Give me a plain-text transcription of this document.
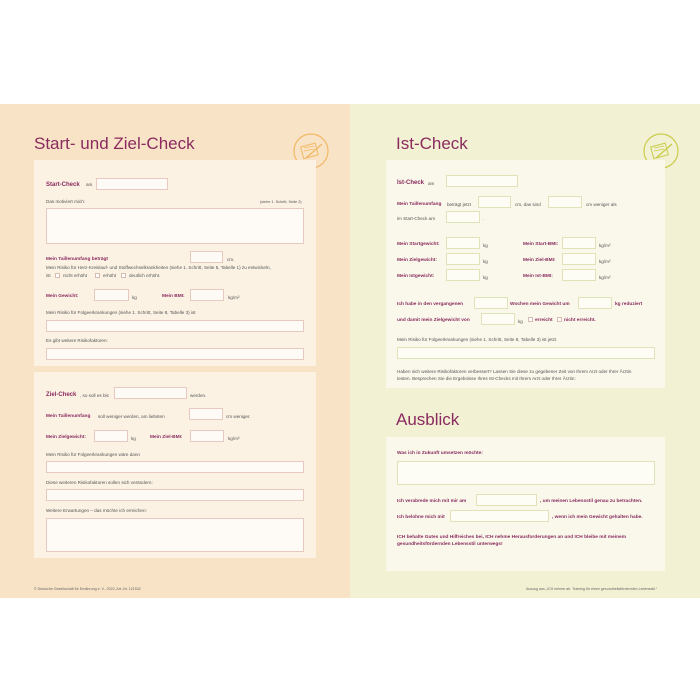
Start- und Ziel-Check
Start-Check am
Das motiviert mich:	(siehe 1. Schritt, Seite 2)
Mein Taillenumfang beträgt	cm.
Mein Risiko für Herz-Kreislauf- und Stoffwechselkrankheiten (siehe 1. Schritt, Seite 5, Tabelle 1) zu entwickeln,
ist	nicht erhöht	erhöht	deutlich erhöht.
Mein Gewicht:	kg	Mein BMI:	kg/m²
Mein Risiko für Folgeerkrankungen (siehe 1. Schritt, Seite 8, Tabelle 3) ist
Es gibt weitere Risikofaktoren:
Ziel-Check , so soll es bis	werden.
Mein Taillenumfang soll weniger werden, am liebsten	cm weniger.
Mein Zielgewicht:	kg	Mein Ziel-BMI:	kg/m²
Mein Risiko für Folgeerkrankungen wäre dann
Diese weiteren Risikofaktoren sollen sich verändern:
Weitere Erwartungen – das möchte ich erreichen:
© Deutsche Gesellschaft für Ernährung e. V., 2022, Art.-Nr. 121532
Ist-Check
Ist-Check am
Mein Taillenumfang beträgt jetzt	cm, das sind	cm weniger als
im Start-Check am	.
Mein Startgewicht:	kg	Mein Start-BMI:	kg/m²
Mein Zielgewicht:	kg	Mein Ziel-BMI:	kg/m²
Mein Istgewicht:	kg	Mein Ist-BMI:	kg/m²
Ich habe in den vergangenen	Wochen mein Gewicht um	kg reduziert
und damit mein Zielgewicht von	kg	erreicht nicht erreicht.
Mein Risiko für Folgeerkrankungen (siehe 1. Schritt, Seite 8, Tabelle 3) ist jetzt
Haben sich weitere Risikofaktoren verbessert? Lassen Sie diese zu gegebener Zeit von Ihrem Arzt oder Ihrer Ärztin
testen. Besprechen Sie die Ergebnisse Ihres Ist-Checks mit Ihrem Arzt oder Ihrer Ärztin:
Ausblick
Was ich in Zukunft umsetzen möchte:
Ich verabrede mich mit mir am	, um meinen Lebensstil genau zu betrachten.
Ich belohne mich mit	, wenn ich mein Gewicht gehalten habe.
ICH behalte Gutes und Hilfreiches bei, ICH nehme Herausforderungen an und ICH bleibe mit meinem
gesundheitsfördernden Lebensstil unterwegs!
Auszug aus „ICH nehme ab. Training für einen gesundheitsfördernden Lebensstil.“
